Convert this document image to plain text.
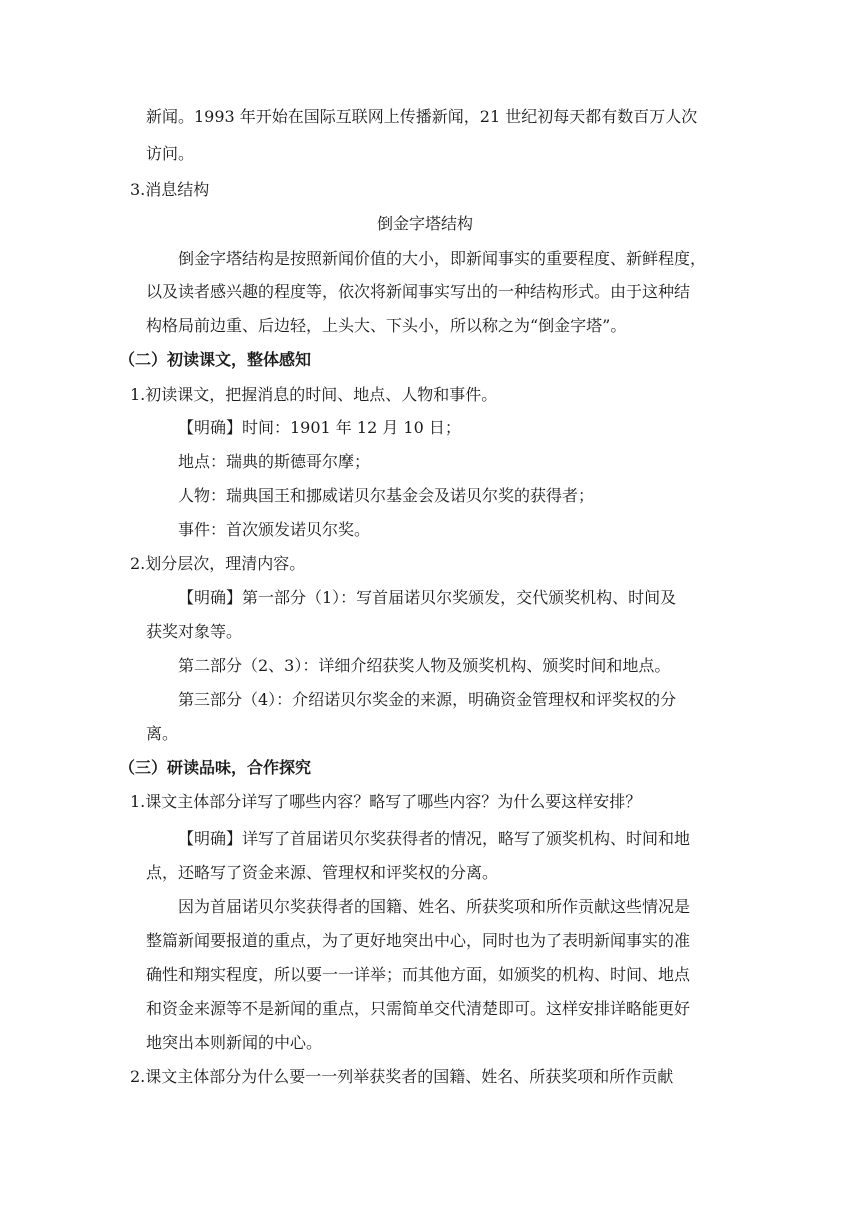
新闻。1993 年开始在国际互联网上传播新闻，21 世纪初每天都有数百万人次
访问。
3.消息结构
倒金字塔结构
倒金字塔结构是按照新闻价值的大小，即新闻事实的重要程度、新鲜程度，
以及读者感兴趣的程度等，依次将新闻事实写出的一种结构形式。由于这种结
构格局前边重、后边轻，上头大、下头小，所以称之为“倒金字塔”。
（二）初读课文，整体感知
1.初读课文，把握消息的时间、地点、人物和事件。
【明确】时间：1901 年 12 月 10 日；
地点：瑞典的斯德哥尔摩；
人物：瑞典国王和挪威诺贝尔基金会及诺贝尔奖的获得者；
事件：首次颁发诺贝尔奖。
2.划分层次，理清内容。
【明确】第一部分（1）：写首届诺贝尔奖颁发，交代颁奖机构、时间及
获奖对象等。
第二部分（2、3）：详细介绍获奖人物及颁奖机构、颁奖时间和地点。
第三部分（4）：介绍诺贝尔奖金的来源，明确资金管理权和评奖权的分
离。
（三）研读品味，合作探究
1.课文主体部分详写了哪些内容？略写了哪些内容？为什么要这样安排？
【明确】详写了首届诺贝尔奖获得者的情况，略写了颁奖机构、时间和地
点，还略写了资金来源、管理权和评奖权的分离。
因为首届诺贝尔奖获得者的国籍、姓名、所获奖项和所作贡献这些情况是
整篇新闻要报道的重点，为了更好地突出中心，同时也为了表明新闻事实的准
确性和翔实程度，所以要一一详举；而其他方面，如颁奖的机构、时间、地点
和资金来源等不是新闻的重点，只需简单交代清楚即可。这样安排详略能更好
地突出本则新闻的中心。
2.课文主体部分为什么要一一列举获奖者的国籍、姓名、所获奖项和所作贡献
